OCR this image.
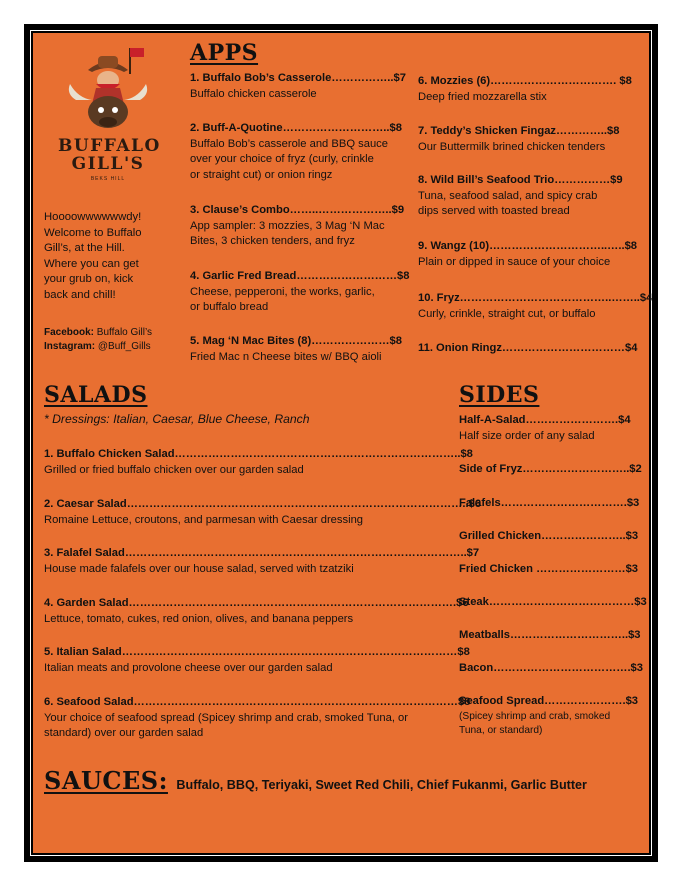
BUFFALO
GILL'S
BEKS HILL
Hoooowwwwwwdy!
Welcome to Buffalo
Gill’s, at the Hill.
Where you can get
your grub on, kick
back and chill!
Facebook: Buffalo Gill’s
Instagram: @Buff_Gills
APPS
1. Buffalo Bob’s Casserole……………..$7
Buffalo chicken casserole
2. Buff-A-Quotine………………………..$8
Buffalo Bob’s casserole and BBQ sauce
over your choice of fryz (curly, crinkle
or straight cut) or onion ringz
3. Clause’s Combo……..………………..$9
App sampler: 3 mozzies, 3 Mag ‘N Mac
Bites, 3 chicken tenders, and fryz
4. Garlic Fred Bread………………………$8
Cheese, pepperoni, the works, garlic,
or buffalo bread
5. Mag ‘N Mac Bites (8)…………………$8
Fried Mac n Cheese bites w/ BBQ aioli
6. Mozzies (6)……………………………. $8
Deep fried mozzarella stix
7. Teddy’s Shicken Fingaz…………..$8
Our Buttermilk brined chicken tenders
8. Wild Bill’s Seafood Trio……………$9
Tuna, seafood salad, and spicy crab
dips served with toasted bread
9. Wangz (10)…………………………..…..$8
Plain or dipped in sauce of your choice
10. Fryz…………………………………..……..$4
Curly, crinkle, straight cut, or buffalo
11. Onion Ringz……………………………$4
SALADS
* Dressings: Italian, Caesar, Blue Cheese, Ranch
1. Buffalo Chicken Salad…………………………………………………………………..$8
Grilled or fried buffalo chicken over our garden salad
2. Caesar Salad………………………………………………………………………………..$6
Romaine Lettuce, croutons, and parmesan with Caesar dressing
3. Falafel Salad………………………………………………………………………………..$7
House made falafels over our house salad, served with tzatziki
4. Garden Salad…………………………………………………………………………….$6
Lettuce, tomato, cukes, red onion, olives, and banana peppers
5. Italian Salad………………………………………………………………………………$8
Italian meats and provolone cheese over our garden salad
6. Seafood Salad……………………………………………………………………………$8
Your choice of seafood spread (Spicey shrimp and crab, smoked Tuna, or
standard) over our garden salad
SIDES
Half-A-Salad…………………….$4
Half size order of any salad
Side of Fryz………………………..$2
Falafels…………………………….$3
Grilled Chicken…………………..$3
Fried Chicken ……………………$3
Steak…………………………………$3
Meatballs…………………………..$3
Bacon……………………………….$3
Seafood Spread………………….$3
(Spicey shrimp and crab, smoked
Tuna, or standard)
SAUCES: Buffalo, BBQ, Teriyaki, Sweet Red Chili, Chief Fukanmi, Garlic Butter
